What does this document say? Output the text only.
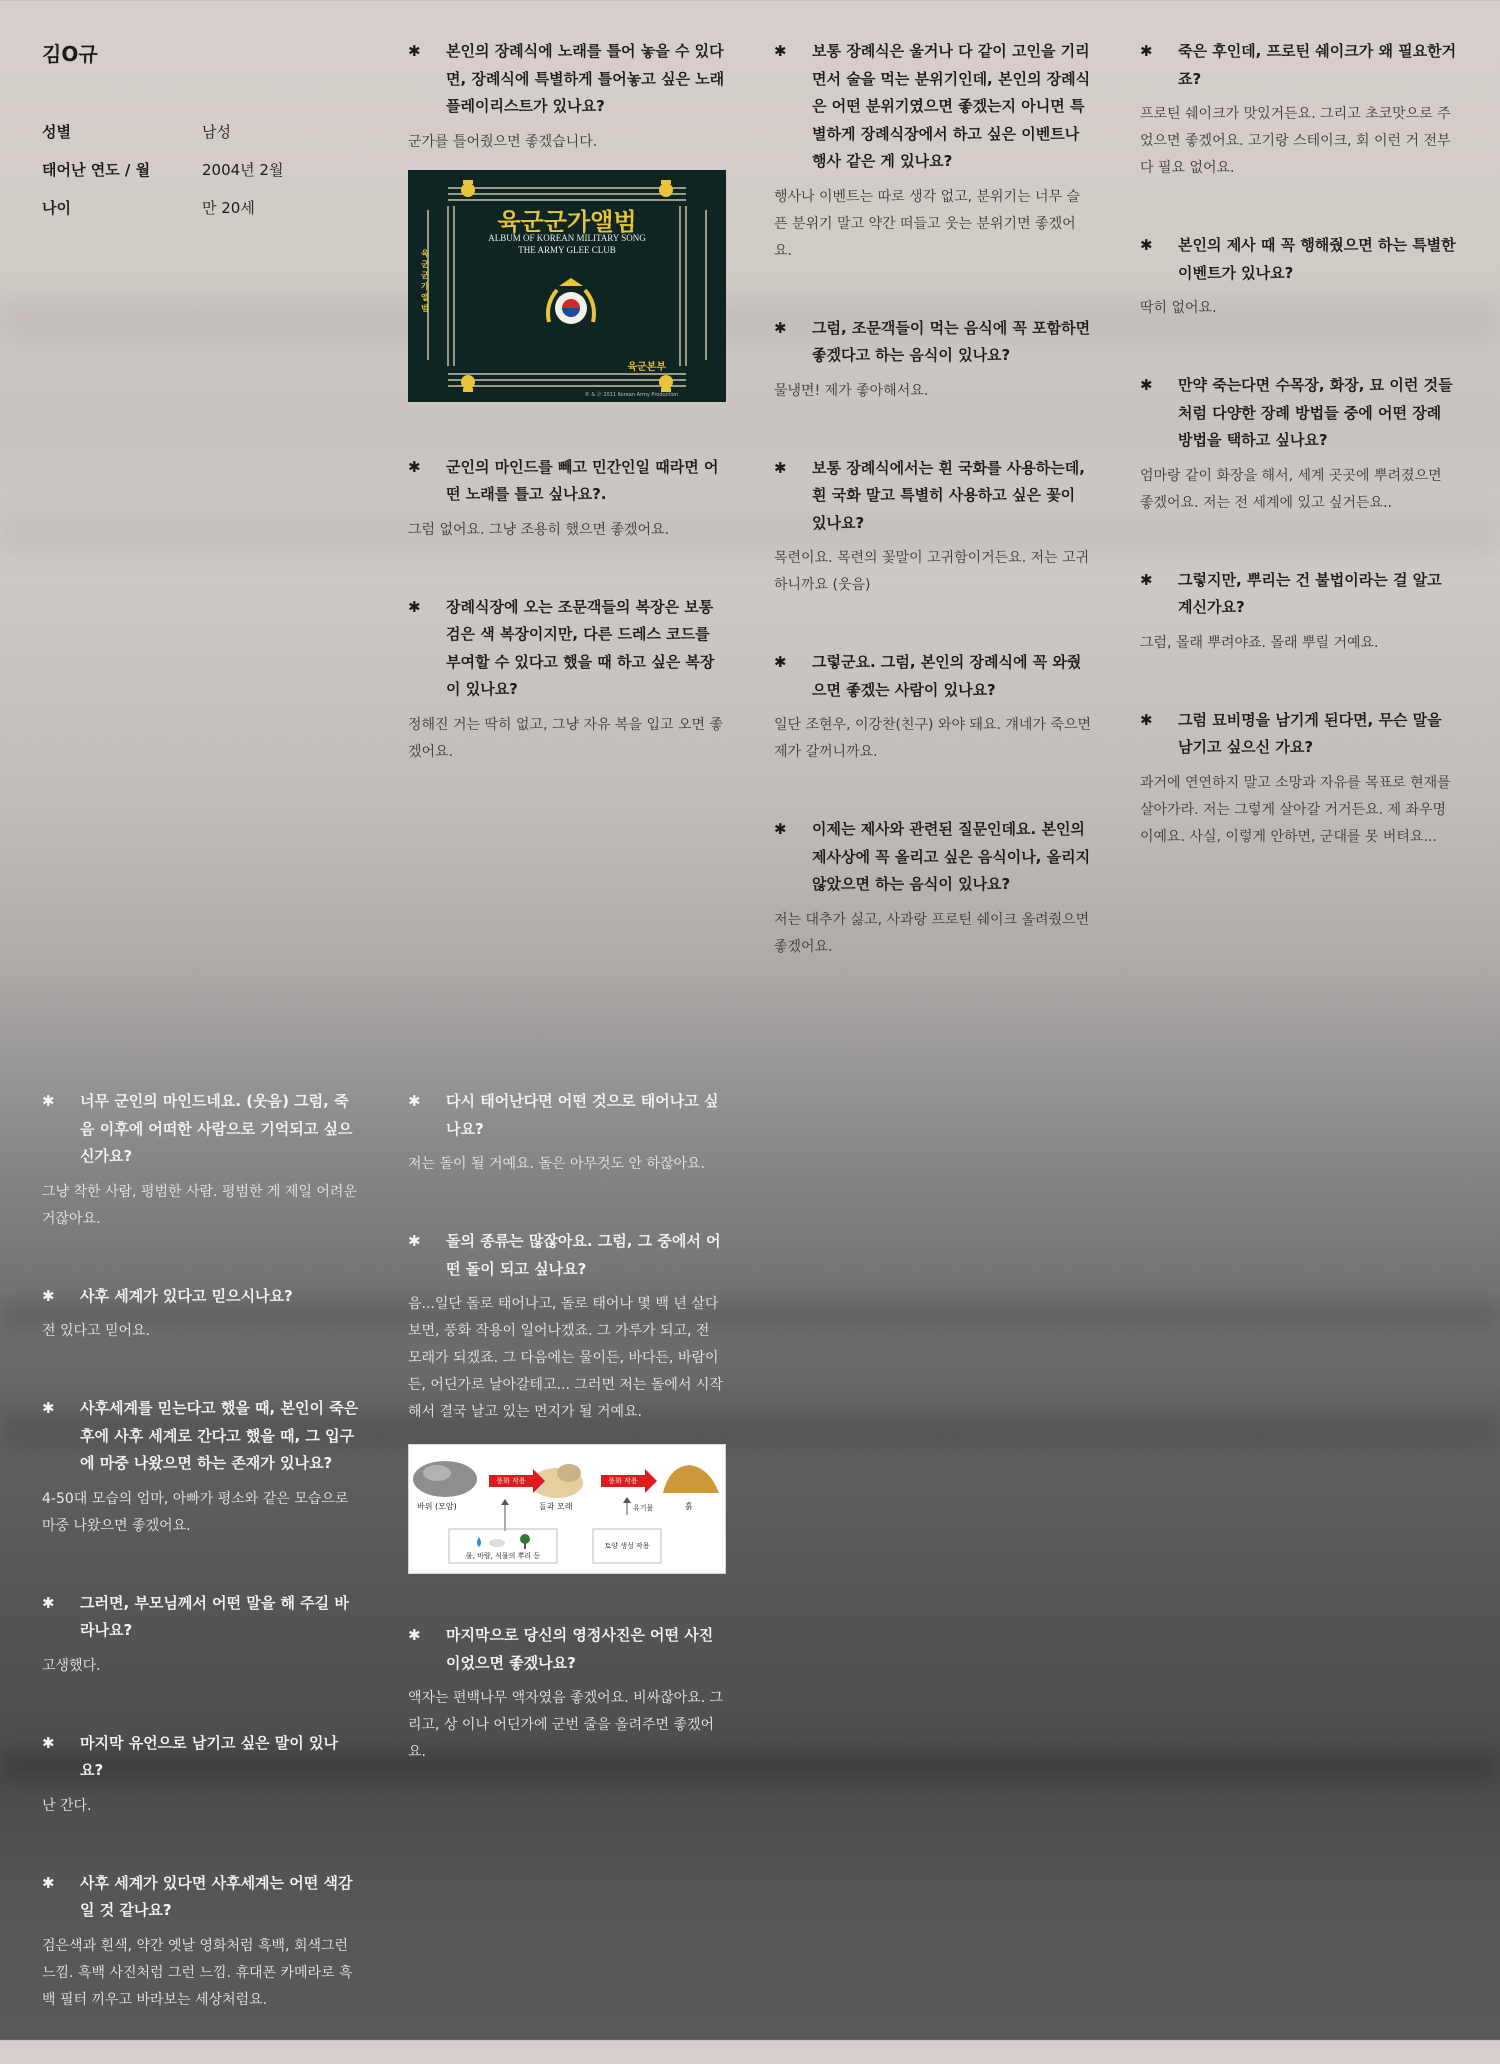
김O규
성별	남성
태어난 연도 / 월	2004년 2월
나이	만 20세

✱ 본인의 장례식에 노래를 틀어 놓을 수 있다면, 장례식에 특별하게 틀어놓고 싶은 노래 플레이리스트가 있나요?

군가를 틀어줬으면 좋겠습니다.

육군군가앨범
ALBUM OF KOREAN MILITARY SONG
THE ARMY GLEE CLUB
육군군가앨범
육군본부
© & ⓟ 2011 Korean Army Production

✱ 군인의 마인드를 빼고 민간인일 때라면 어떤 노래를 틀고 싶나요?.

그럼 없어요. 그냥 조용히 했으면 좋겠어요.

✱ 장례식장에 오는 조문객들의 복장은 보통 검은 색 복장이지만, 다른 드레스 코드를 부여할 수 있다고 했을 때 하고 싶은 복장이 있나요?

정해진 거는 딱히 없고, 그냥 자유 복을 입고 오면 좋겠어요.

✱ 보통 장례식은 울거나 다 같이 고인을 기리면서 술을 먹는 분위기인데, 본인의 장례식은 어떤 분위기였으면 좋겠는지 아니면 특별하게 장례식장에서 하고 싶은 이벤트나 행사 같은 게 있나요?

행사나 이벤트는 따로 생각 없고, 분위기는 너무 슬픈 분위기 말고 약간 떠들고 웃는 분위기면 좋겠어요.

✱ 그럼, 조문객들이 먹는 음식에 꼭 포함하면 좋겠다고 하는 음식이 있나요?

물냉면! 제가 좋아해서요.

✱ 보통 장례식에서는 흰 국화를 사용하는데, 흰 국화 말고 특별히 사용하고 싶은 꽃이 있나요?

목련이요. 목련의 꽃말이 고귀함이거든요. 저는 고귀하니까요 (웃음)

✱ 그렇군요. 그럼, 본인의 장례식에 꼭 와줬으면 좋겠는 사람이 있나요?

일단 조현우, 이강찬(친구) 와야 돼요. 걔네가 죽으면 제가 갈꺼니까요.

✱ 이제는 제사와 관련된 질문인데요. 본인의 제사상에 꼭 올리고 싶은 음식이나, 올리지 않았으면 하는 음식이 있나요?

저는 대추가 싫고, 사과랑 프로틴 쉐이크 올려줬으면 좋겠어요.

✱ 죽은 후인데, 프로틴 쉐이크가 왜 필요한거죠?

프로틴 쉐이크가 맛있거든요. 그리고 초코맛으로 주었으면 좋겠어요. 고기랑 스테이크, 회 이런 거 전부 다 필요 없어요.

✱ 본인의 제사 때 꼭 행해줬으면 하는 특별한 이벤트가 있나요?

딱히 없어요.

✱ 만약 죽는다면 수목장, 화장, 묘 이런 것들처럼 다양한 장례 방법들 중에 어떤 장례 방법을 택하고 싶나요?

엄마랑 같이 화장을 해서, 세계 곳곳에 뿌려졌으면 좋겠어요. 저는 전 세계에 있고 싶거든요..

✱ 그렇지만, 뿌리는 건 불법이라는 걸 알고 계신가요?

그럼, 몰래 뿌려야죠. 몰래 뿌릴 거예요.

✱ 그럼 묘비명을 남기게 된다면, 무슨 말을 남기고 싶으신 가요?

과거에 연연하지 말고 소망과 자유를 목표로 현재를 살아가라. 저는 그렇게 살아갈 거거든요. 제 좌우명이예요. 사실, 이렇게 안하면, 군대를 못 버텨요...

✱ 너무 군인의 마인드네요. (웃음) 그럼, 죽음 이후에 어떠한 사람으로 기억되고 싶으신가요?

그냥 착한 사람, 평범한 사람. 평범한 게 제일 어려운 거잖아요.

✱ 사후 세계가 있다고 믿으시나요?

전 있다고 믿어요.

✱ 사후세계를 믿는다고 했을 때, 본인이 죽은 후에 사후 세계로 간다고 했을 때, 그 입구에 마중 나왔으면 하는 존재가 있나요?

4-50대 모습의 엄마, 아빠가 평소와 같은 모습으로 마중 나왔으면 좋겠어요.

✱ 그러면, 부모님께서 어떤 말을 해 주길 바라나요?

고생했다.

✱ 마지막 유언으로 남기고 싶은 말이 있나요?

난 간다.

✱ 사후 세계가 있다면 사후세계는 어떤 색감일 것 같나요?

검은색과 흰색, 약간 옛날 영화처럼 흑백, 회색그런 느낌. 흑백 사진처럼 그런 느낌. 휴대폰 카메라로 흑백 필터 끼우고 바라보는 세상처럼요.

✱ 다시 태어난다면 어떤 것으로 태어나고 싶나요?

저는 돌이 될 거예요. 돌은 아무것도 안 하잖아요.

✱ 돌의 종류는 많잖아요. 그럼, 그 중에서 어떤 돌이 되고 싶나요?

음...일단 돌로 태어나고, 돌로 태어나 몇 백 년 살다 보면, 풍화 작용이 일어나겠죠. 그 가루가 되고, 전 모래가 되겠죠. 그 다음에는 물이든, 바다든, 바람이든, 어딘가로 날아갈테고... 그러면 저는 돌에서 시작해서 결국 날고 있는 먼지가 될 거예요.

바위 (모암)	돌과 모래	흙
풍화 작용	풍화 작용
유기물
물, 바람, 식물의 뿌리 등
토양 생성 작용

✱ 마지막으로 당신의 영정사진은 어떤 사진이었으면 좋겠나요?

액자는 편백나무 액자였음 좋겠어요. 비싸잖아요. 그리고, 상 이나 어딘가에 군번 줄을 올려주면 좋겠어요.
